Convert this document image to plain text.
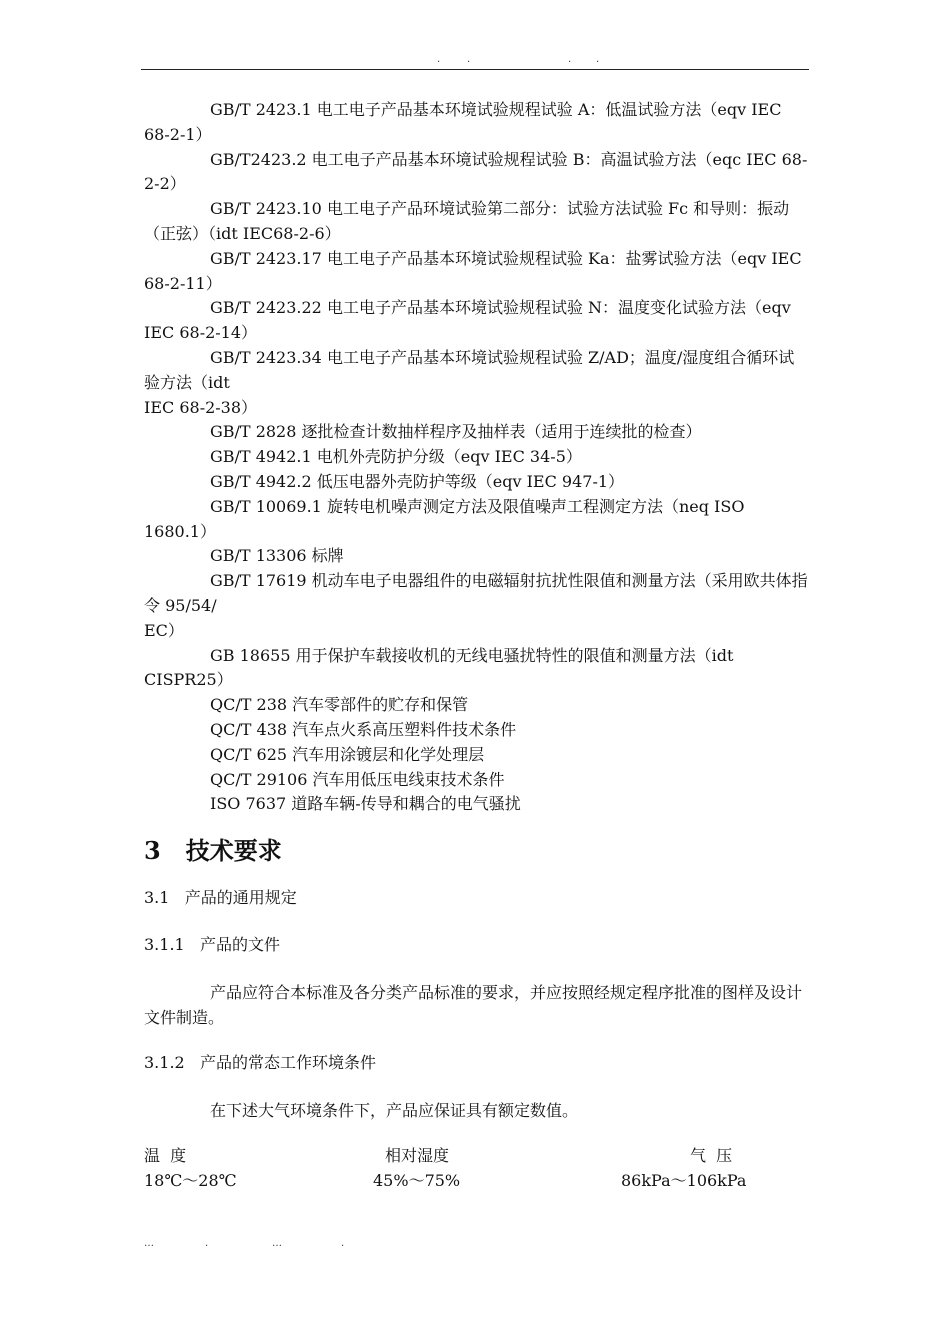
.	.	. .

GB/T 2423.1 电工电子产品基本环境试验规程试验 A：低温试验方法（eqv IEC 68-2-1）

GB/T2423.2 电工电子产品基本环境试验规程试验 B：高温试验方法（eqc IEC 68-2-2）

GB/T 2423.10 电工电子产品环境试验第二部分：试验方法试验 Fc 和导则：振动（正弦）（idt IEC68-2-6）

GB/T 2423.17 电工电子产品基本环境试验规程试验 Ka：盐雾试验方法（eqv IEC 68-2-11）

GB/T 2423.22 电工电子产品基本环境试验规程试验 N：温度变化试验方法（eqv IEC 68-2-14）

GB/T 2423.34 电工电子产品基本环境试验规程试验 Z/AD；温度/湿度组合循环试验方法（idt
IEC 68-2-38）

GB/T 2828 逐批检查计数抽样程序及抽样表（适用于连续批的检查）

GB/T 4942.1 电机外壳防护分级（eqv IEC 34-5）

GB/T 4942.2 低压电器外壳防护等级（eqv IEC 947-1）

GB/T 10069.1 旋转电机噪声测定方法及限值噪声工程测定方法（neq ISO 1680.1）

GB/T 13306 标牌

GB/T 17619 机动车电子电器组件的电磁辐射抗扰性限值和测量方法（采用欧共体指令 95/54/
EC）

GB 18655 用于保护车载接收机的无线电骚扰特性的限值和测量方法（idt CISPR25）

QC/T 238 汽车零部件的贮存和保管

QC/T 438 汽车点火系高压塑料件技术条件

QC/T 625 汽车用涂镀层和化学处理层

QC/T 29106 汽车用低压电线束技术条件

ISO 7637 道路车辆-传导和耦合的电气骚扰

3   技术要求
3.1   产品的通用规定
3.1.1   产品的文件

产品应符合本标准及各分类产品标准的要求，并应按照经规定程序批准的图样及设计文件制造。

3.1.2   产品的常态工作环境条件

在下述大气环境条件下，产品应保证具有额定数值。

温  度	相对湿度	气  压
18℃～28℃	45%～75%	86kPa～106kPa
…	.	…	.
